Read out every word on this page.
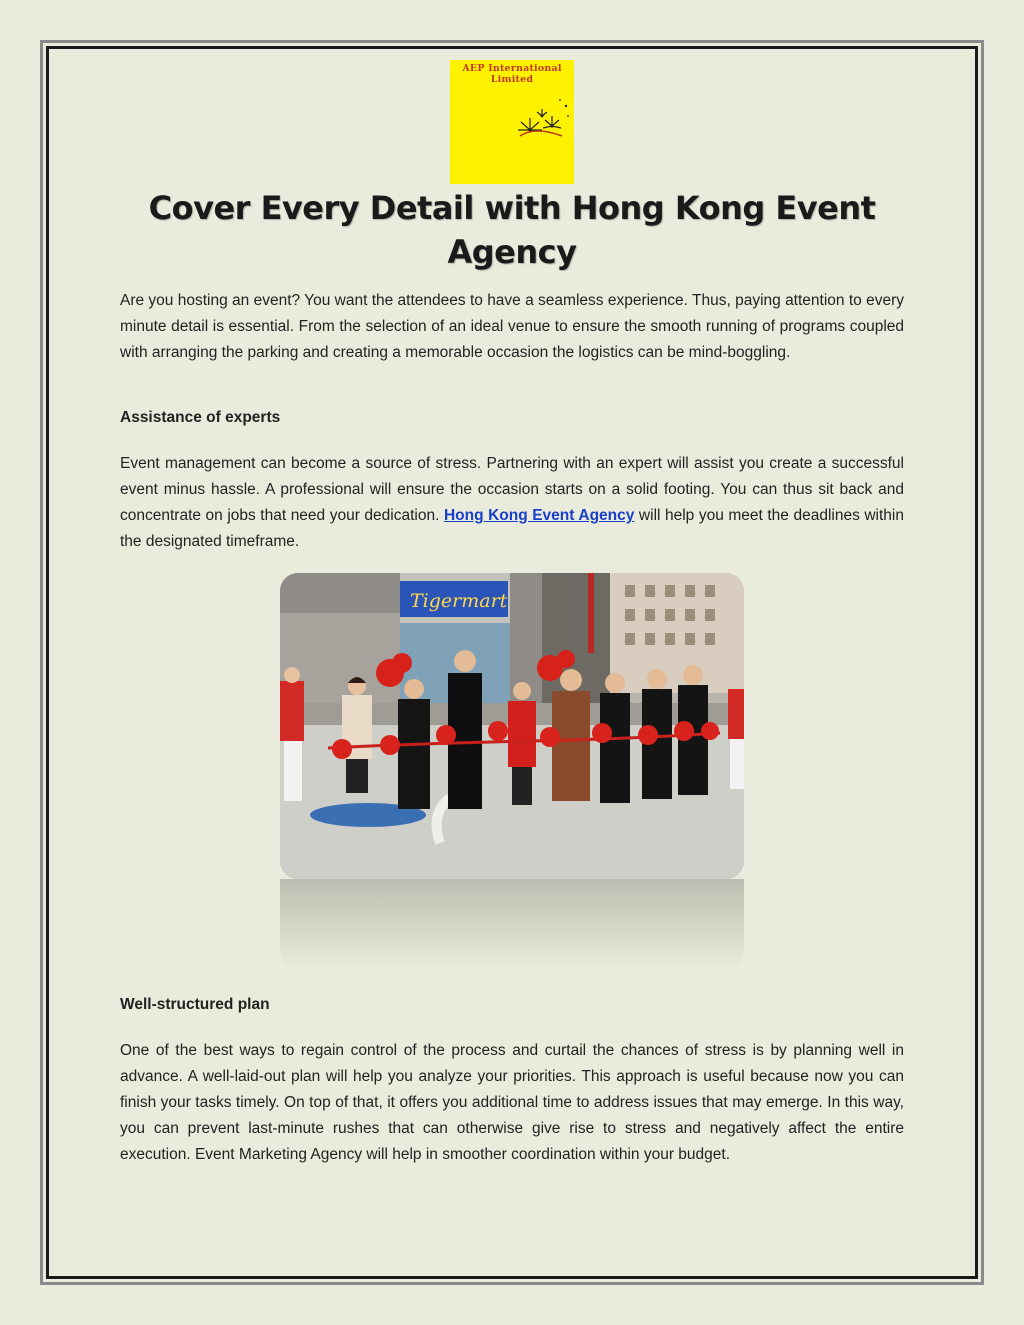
AEP International Limited
Cover Every Detail with Hong Kong Event Agency

Are you hosting an event? You want the attendees to have a seamless experience. Thus, paying attention to every minute detail is essential. From the selection of an ideal venue to ensure the smooth running of programs coupled with arranging the parking and creating a memorable occasion the logistics can be mind-boggling.

Assistance of experts

Event management can become a source of stress. Partnering with an expert will assist you create a successful event minus hassle. A professional will ensure the occasion starts on a solid footing. You can thus sit back and concentrate on jobs that need your dedication. Hong Kong Event Agency will help you meet the deadlines within the designated timeframe.

Tigermart

Well-structured plan

One of the best ways to regain control of the process and curtail the chances of stress is by planning well in advance. A well-laid-out plan will help you analyze your priorities. This approach is useful because now you can finish your tasks timely. On top of that, it offers you additional time to address issues that may emerge. In this way, you can prevent last-minute rushes that can otherwise give rise to stress and negatively affect the entire execution. Event Marketing Agency will help in smoother coordination within your budget.
